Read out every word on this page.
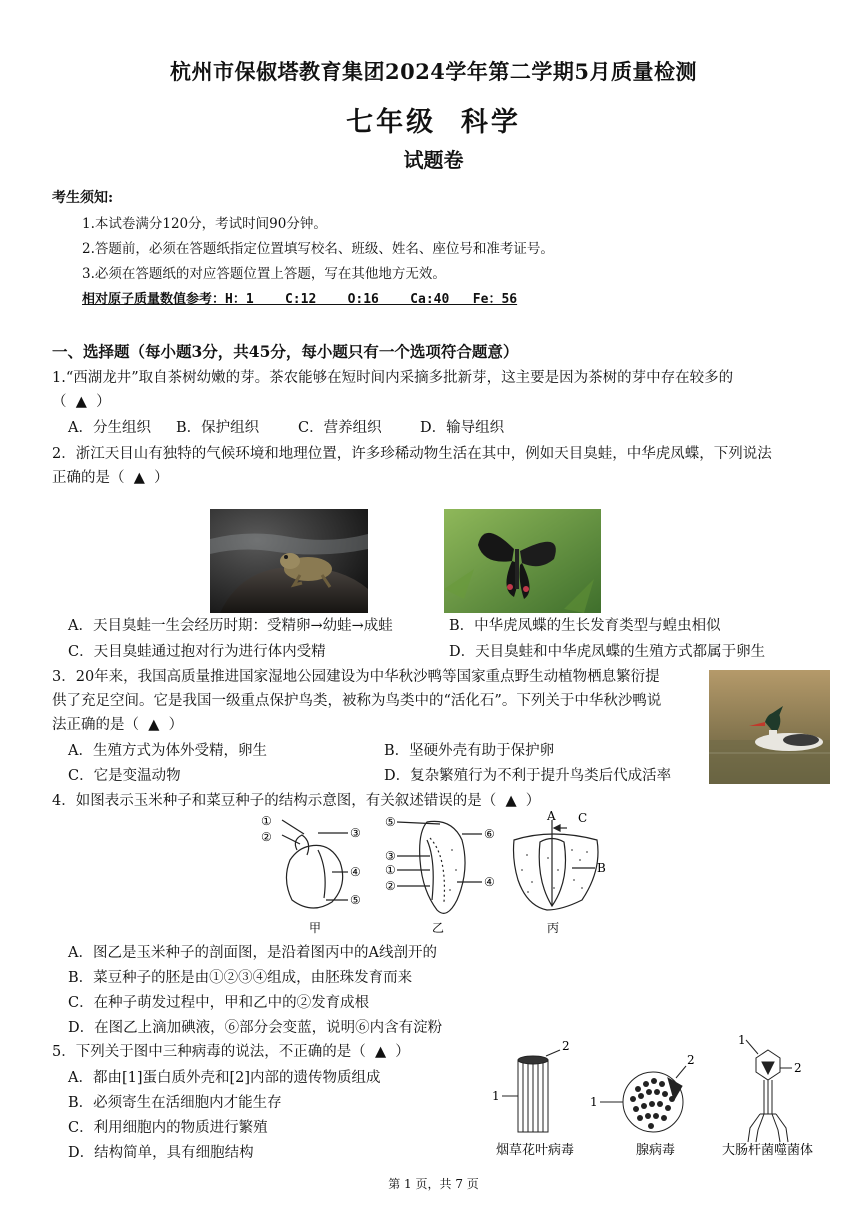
杭州市保俶塔教育集团2024学年第二学期5月质量检测
七年级  科学
试题卷
考生须知:
1.本试卷满分120分，考试时间90分钟。
2.答题前，必须在答题纸指定位置填写校名、班级、姓名、座位号和准考证号。
3.必须在答题纸的对应答题位置上答题，写在其他地方无效。
相对原子质量数值参考：H：1    C:12    O:16    Ca:40   Fe：56
一、选择题（每小题3分，共45分，每小题只有一个选项符合题意）
1.“西湖龙井”取自茶树幼嫩的芽。茶农能够在短时间内采摘多批新芽，这主要是因为茶树的芽中存在较多的
（  ▲  ）
A．分生组织 B．保护组织	C．营养组织	D．输导组织
2．浙江天目山有独特的气候环境和地理位置，许多珍稀动物生活在其中，例如天目臭蛙，中华虎凤蝶，下列说法
正确的是（  ▲  ）
A．天目臭蛙一生会经历时期：受精卵→幼蛙→成蛙	B．中华虎凤蝶的生长发育类型与蝗虫相似
C．天目臭蛙通过抱对行为进行体内受精	D．天目臭蛙和中华虎凤蝶的生殖方式都属于卵生
3．20年来，我国高质量推进国家湿地公园建设为中华秋沙鸭等国家重点野生动植物栖息繁衍提
供了充足空间。它是我国一级重点保护鸟类，被称为鸟类中的“活化石”。下列关于中华秋沙鸭说
法正确的是（  ▲  ）
A．生殖方式为体外受精，卵生	B．坚硬外壳有助于保护卵
C．它是变温动物	D．复杂繁殖行为不利于提升鸟类后代成活率
4．如图表示玉米种子和菜豆种子的结构示意图，有关叙述错误的是（  ▲  ）
①
②	③
④
⑤
⑤
③
①
②
⑥
④
A C
B
甲	乙	丙
A．图乙是玉米种子的剖面图，是沿着图丙中的A线剖开的
B．菜豆种子的胚是由①②③④组成，由胚珠发育而来
C．在种子萌发过程中，甲和乙中的②发育成根
D．在图乙上滴加碘液，⑥部分会变蓝，说明⑥内含有淀粉
5．下列关于图中三种病毒的说法，不正确的是（  ▲  ）
A．都由[1]蛋白质外壳和[2]内部的遗传物质组成
B．必须寄生在活细胞内才能生存
C．利用细胞内的物质进行繁殖
D．结构简单，具有细胞结构
2
1
2
1
1
2
烟草花叶病毒	腺病毒	大肠杆菌噬菌体
第 1 页，共 7 页
